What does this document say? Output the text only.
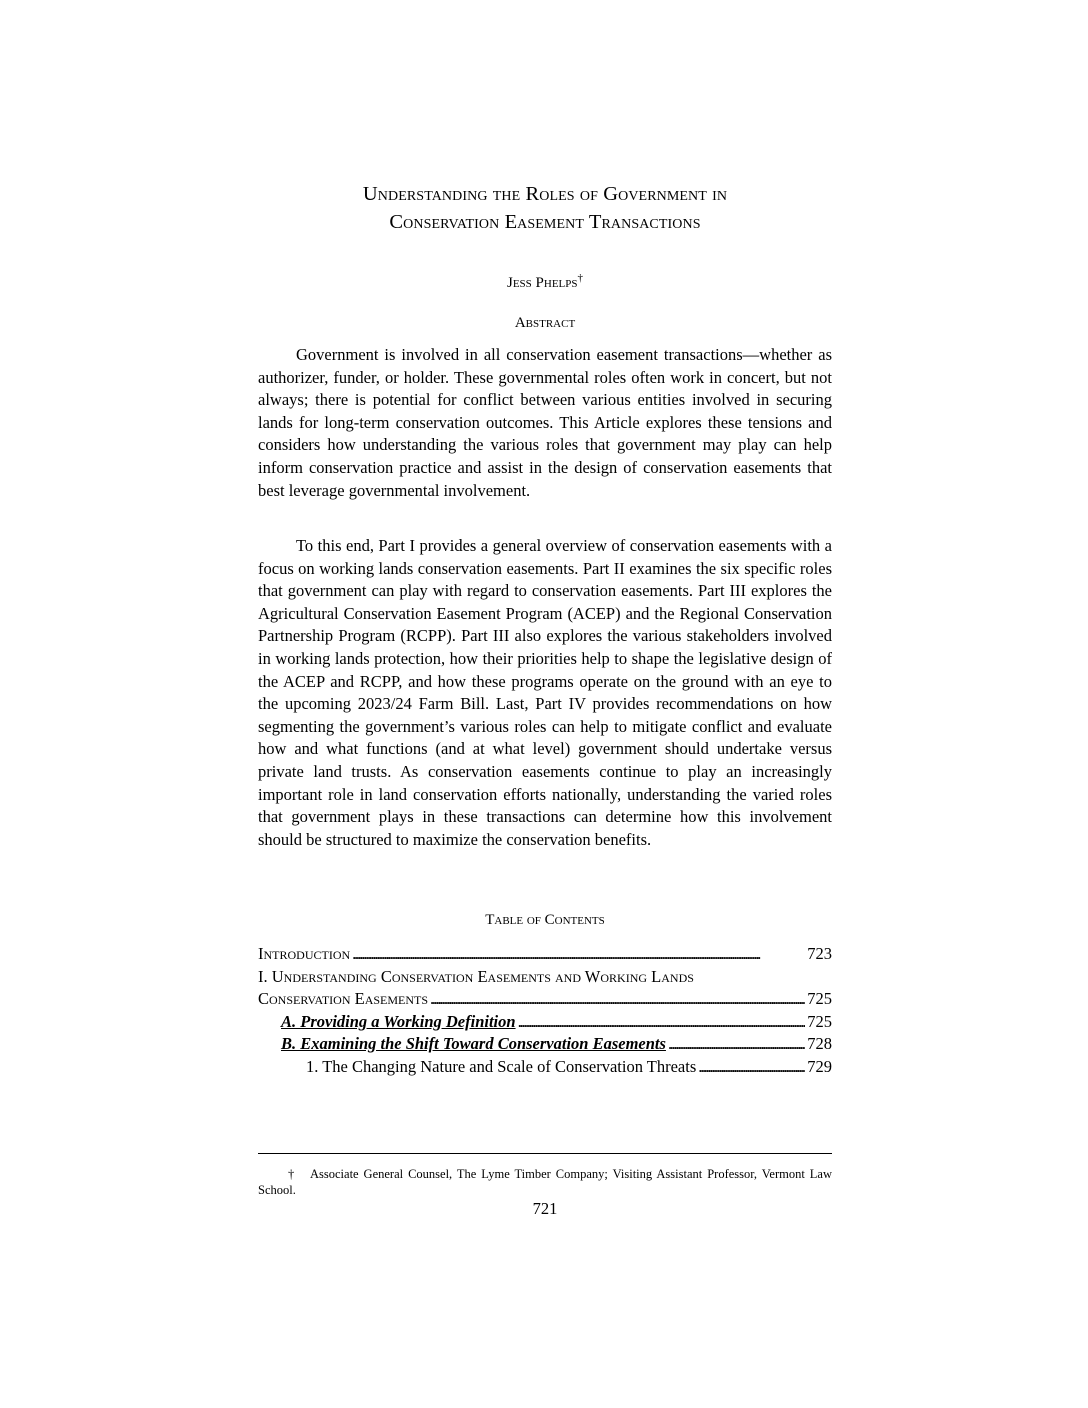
Understanding the Roles of Government in
Conservation Easement Transactions
Jess Phelps†
Abstract

Government is involved in all conservation easement transactions—whether as authorizer, funder, or holder. These governmental roles often work in concert, but not always; there is potential for conflict between various entities involved in securing lands for long-term conservation outcomes. This Article explores these tensions and considers how understanding the various roles that government may play can help inform conservation practice and assist in the design of conservation easements that best leverage governmental involvement.

To this end, Part I provides a general overview of conservation easements with a focus on working lands conservation easements. Part II examines the six specific roles that government can play with regard to conservation easements. Part III explores the Agricultural Conservation Easement Program (ACEP) and the Regional Conservation Partnership Program (RCPP). Part III also explores the various stakeholders involved in working lands protection, how their priorities help to shape the legislative design of the ACEP and RCPP, and how these programs operate on the ground with an eye to the upcoming 2023/24 Farm Bill. Last, Part IV provides recommendations on how segmenting the government’s various roles can help to mitigate conflict and evaluate how and what functions (and at what level) government should undertake versus private land trusts. As conservation easements continue to play an increasingly important role in land conservation efforts nationally, understanding the varied roles that government plays in these transactions can determine how this involvement should be structured to maximize the conservation benefits.

Table of Contents
Introduction . . .	723
I. Understanding Conservation Easements and Working Lands
Conservation Easements . . .	725
A. Providing a Working Definition . . .	725
B. Examining the Shift Toward Conservation Easements . . .	728
1. The Changing Nature and Scale of Conservation Threats . . .	729
† Associate General Counsel, The Lyme Timber Company; Visiting Assistant Professor, Vermont Law School.
721
